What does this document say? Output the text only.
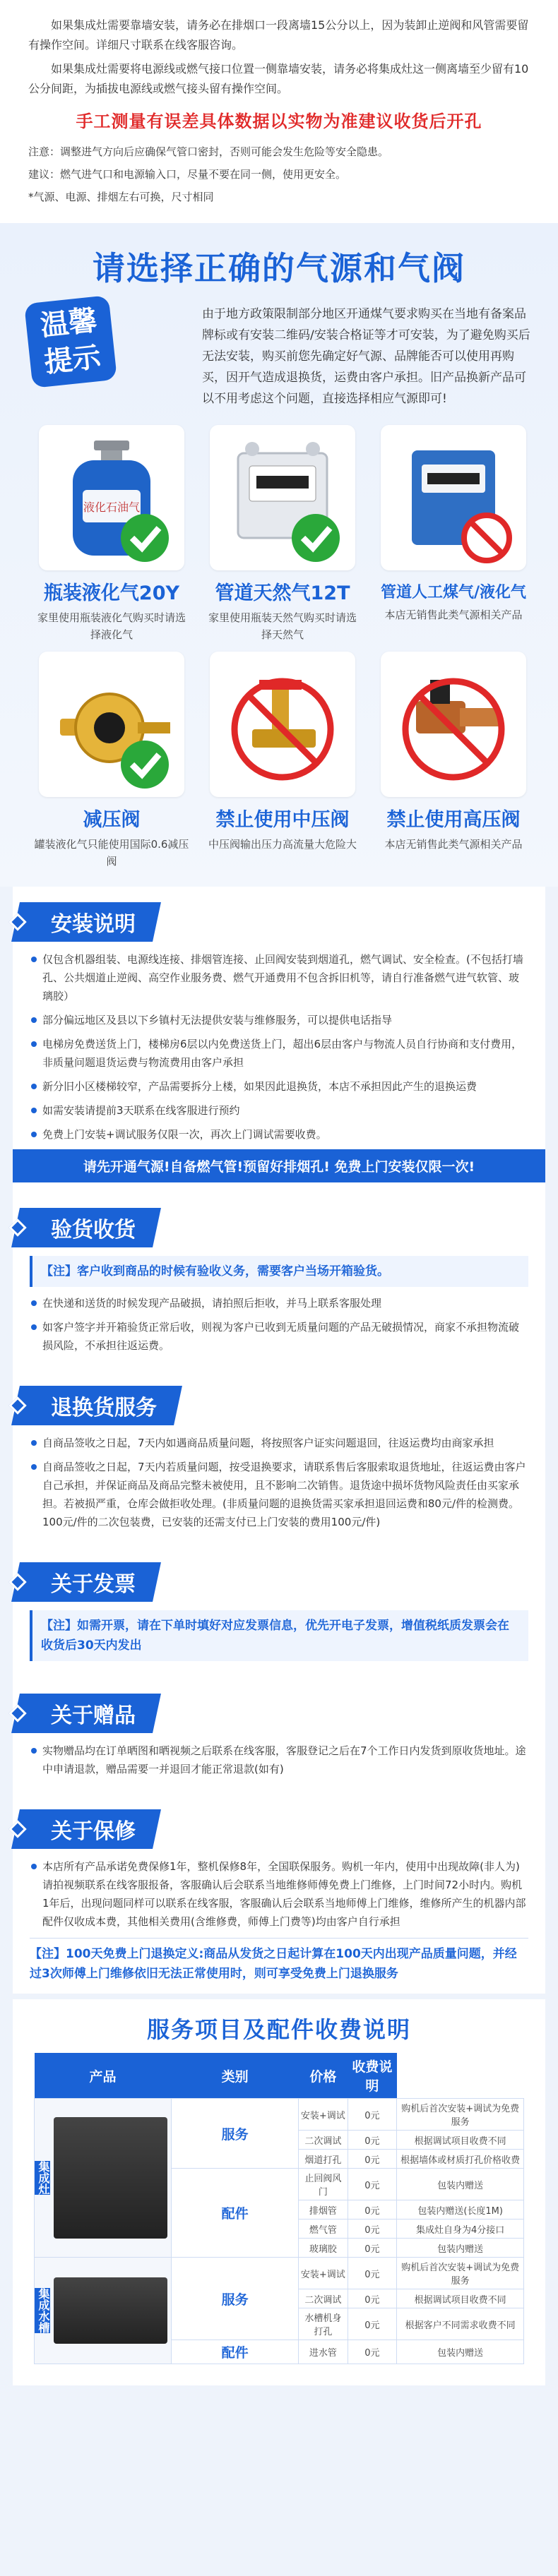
如果集成灶需要靠墙安装，请务必在排烟口一段离墙15公分以上，因为装卸止逆阀和风管需要留有操作空间。详细尺寸联系在线客服咨询。

如果集成灶需要将电源线或燃气接口位置一侧靠墙安装，请务必将集成灶这一侧离墙至少留有10公分间距，为插拔电源线或燃气接头留有操作空间。

手工测量有误差具体数据以实物为准建议收货后开孔

注意：调整进气方向后应确保气管口密封，否则可能会发生危险等安全隐患。

建议：燃气进气口和电源输入口，尽量不要在同一侧，使用更安全。

*气源、电源、排烟左右可换，尺寸相同

请选择正确的气源和气阀
温馨
提示
由于地方政策限制部分地区开通煤气要求购买在当地有备案品牌标或有安装二维码/安装合格证等才可安装，为了避免购买后无法安装，购买前您先确定好气源、品牌能否可以使用再购买，因开气造成退换货，运费由客户承担。旧产品换新产品可以不用考虑这个问题，直接选择相应气源即可!
液化石油气
瓶装液化气20Y
家里使用瓶装液化气购买时请选择液化气
管道天然气12T
家里使用瓶装天然气购买时请选择天然气
管道人工煤气/液化气
本店无销售此类气源相关产品
减压阀
罐装液化气只能使用国际0.6减压阀
禁止使用中压阀
中压阀输出压力高流量大危险大
禁止使用高压阀
本店无销售此类气源相关产品
安装说明
仅包含机器组装、电源线连接、排烟管连接、止回阀安装到烟道孔，燃气调试、安全检查。(不包括打墙孔、公共烟道止逆阀、高空作业服务费、燃气开通费用不包含拆旧机等，请自行准备燃气进气软管、玻璃胶）
部分偏远地区及县以下乡镇村无法提供安装与维修服务，可以提供电话指导
电梯房免费送货上门，楼梯房6层以内免费送货上门，超出6层由客户与物流人员自行协商和支付费用，非质量问题退货运费与物流费用由客户承担
新分旧小区楼梯较窄，产品需要拆分上楼，如果因此退换货，本店不承担因此产生的退换运费
如需安装请提前3天联系在线客服进行预约
免费上门安装+调试服务仅限一次，再次上门调试需要收费。
请先开通气源!自备燃气管!预留好排烟孔! 免费上门安装仅限一次!
验货收货
【注】客户收到商品的时候有验收义务，需要客户当场开箱验货。
在快递和送货的时候发现产品破损，请拍照后拒收，并马上联系客服处理
如客户签字并开箱验货正常后收，则视为客户已收到无质量问题的产品无破损情况，商家不承担物流破损风险，不承担往返运费。
退换货服务
自商品签收之日起，7天内如遇商品质量问题，将按照客户证实问题退回，往返运费均由商家承担
自商品签收之日起，7天内若质量问题，按受退换要求，请联系售后客服索取退货地址，往返运费由客户自己承担，并保证商品及商品完整未被使用，且不影响二次销售。退货途中损坏货物风险责任由买家承担。若被损严重，仓库会做拒收处理。(非质量问题的退换货需买家承担退回运费和80元/件的检测费。100元/件的二次包装费，已安装的还需支付已上门安装的费用100元/件)
关于发票
【注】如需开票，请在下单时填好对应发票信息，优先开电子发票，增值税纸质发票会在收货后30天内发出
关于赠品
实物赠品均在订单晒图和晒视频之后联系在线客服，客服登记之后在7个工作日内发货到原收货地址。途中申请退款，赠品需要一并退回才能正常退款(如有)
关于保修
本店所有产品承诺免费保修1年，整机保修8年，全国联保服务。购机一年内，使用中出现故障(非人为)请拍视频联系在线客服报备，客服确认后会联系当地维修师傅免费上门维修，上门时间72小时内。购机1年后，出现问题同样可以联系在线客服，客服确认后会联系当地师傅上门维修，维修所产生的机器内部配件仅收成本费，其他相关费用(含维修费，师傅上门费等)均由客户自行承担
【注】100天免费上门退换定义:商品从发货之日起计算在100天内出现产品质量问题，并经过3次师傅上门维修依旧无法正常使用时，则可享受免费上门退换服务
服务项目及配件收费说明
产品	类别	价格	收费说明	

集成灶	服务	安装+调试	0元	购机后首次安装+调试为免费服务
		二次调试	0元	根据调试项目收费不同
		烟道打孔	0元	根据墙体或材质打孔价格收费
	配件	止回阀风门	0元	包装内赠送
		排烟管	0元	包装内赠送(长度1M)
		燃气管	0元	集成灶自身为4分接口
		玻璃胶	0元	包装内赠送

集成水槽	服务	安装+调试	0元	购机后首次安装+调试为免费服务
		二次调试	0元	根据调试项目收费不同
		水槽机身打孔	0元	根据客户不同需求收费不同
	配件	进水管	0元	包装内赠送
